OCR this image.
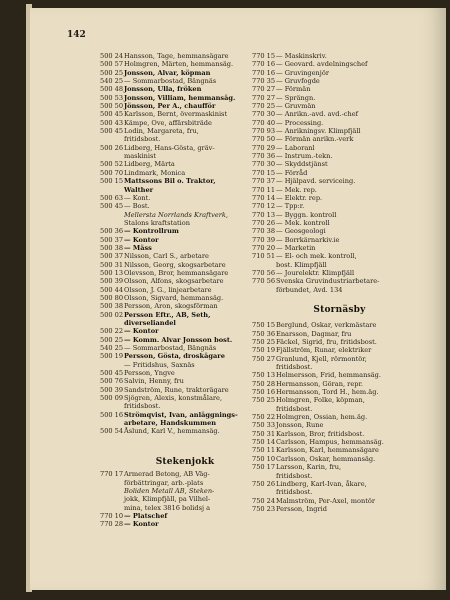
142
500 24 Hansson, Tage, hemmansägare
500 57 Holmgren, Märten, hemmansäg.
500 25 Jonsson, Alvar, köpman
540 25 — Sommarbostad, Bängnäs
500 48 Jonsson, Ulla, fröken
500 53 Jonsson, Villiam, hemmansäg.
500 50 Jönsson, Per A., chaufför
500 45 Karlsson, Bernt, övermaskinist
500 43 Kämpe, Ove, affärsbiträde
500 45 Lodin, Margareta, fru,
fritidsbost.
500 26 Lidberg, Hans-Gösta, gräv-
maskinist
500 52 Lidberg, Märta
500 70 Lindmark, Monica
500 15 Mattssons Bil o. Traktor,
Walther
500 63 — Kont.
500 45 — Bost.
Mellersta Norrlands Kraftverk,
Stalons kraftstation
500 36 — Kontrollrum
500 37 — Kontor
500 38 — Mäss
500 37 Nilsson, Carl S., arbetare
500 31 Nilsson, Georg, skogsarbetare
500 13 Olevsson, Bror, hemmansägare
500 39 Olsson, Alfons, skogsarbetare
500 44 Olsson, J. G., linjearbetare
500 80 Olsson, Sigvard, hemmansäg.
500 38 Persson, Aron, skogsförman
500 02 Persson Eftr., AB, Seth,
diverseliandel
500 22 — Kontor
500 25 — Komm. Alvar Jonsson bost.
540 25 — Sommarbostad, Bängnäs
500 19 Persson, Gösta, droskägare
— Fritidshus, Saxnäs
500 45 Persson, Yngve
500 76 Salvin, Henny, fru
500 39 Sandström, Rune, traktorägare
500 09 Sjögren, Alexis, konstmålare,
fritidsbost.
500 16 Strömqvist, Ivan, anläggnings-
arbetare, Handskummen
500 54 Åslund, Karl V., hemmansäg.
Stekenjokk
770 17 Armerad Betong, AB Väg-
förbättringar, arb.-plats
Boliden Metall AB, Steken-
jokk, Klimpfjäll, pa Vilhel-
mina, telex 3816 bolidsj a
770 10 — Platschef
770 28 — Kontor
770 15 — Maskinskriv.
770 16 — Geovard. avdelningschef
770 16 — Gruvingenjör
770 35 — Gruvfogde
770 27 — Förmän
770 27 — Sprängn.
770 25 — Gruvmän
770 30 — Anrikn.-avd. avd.-chef
770 40 — Processing.
770 93 — Anrikningsv. Klimpfjäll
770 50 — Förmän anrikn.-verk
770 29 — Laboranl
770 36 — Instrum.-tekn.
770 30 — Skyddstjänst
770 15 — Förråd
770 37 — Hjälpavd. serviceing.
770 11 — Mek. rep.
770 14 — Elektr. rep.
770 12 — Tpp:r.
770 13 — Byggn. kontroll
770 26 — Mek. kontroll
770 38 — Geosgeologi
770 39 — Borrkärnarkiv.ie
770 20 — Marketin
710 51 — El- och mek. kontroll,
bost. Klimpfjäll
770 56 — Jourelektr. Klimpfjäll
770 56 Svenska Gruvindustriarbetare-
förbundet, Avd. 134
Stornäsby
750 15 Berglund, Oskar, verkmästare
750 36 Enarsson, Dagmar, fru
750 25 Fäckel, Sigrid, fru, fritidsbost.
750 19 Fjällström, Runar, elektriker
750 27 Granlund, Kjell, rörmontör,
fritidsbost.
750 13 Helmersson, Frid, hemmansäg.
750 28 Hermansson, Göran, repr.
750 16 Hermansson, Tord H., hem.äg.
750 25 Holmgren, Folke, köpman,
fritidsbost.
750 22 Holmgren, Ossian, hem.äg.
750 33 Jonsson, Rune
750 31 Karlsson, Bror, fritidsbost.
750 14 Carlsson, Hampus, hemmansäg.
750 11 Karlsson, Karl, hemmansägare
750 10 Carlsson, Oskar, hemmansäg.
750 17 Larsson, Karin, fru,
fritidsbost.
750 26 Lindberg, Karl-Ivan, åkare,
fritidsbost.
750 24 Malmström, Per-Axel, montör
750 23 Persson, Ingrid
